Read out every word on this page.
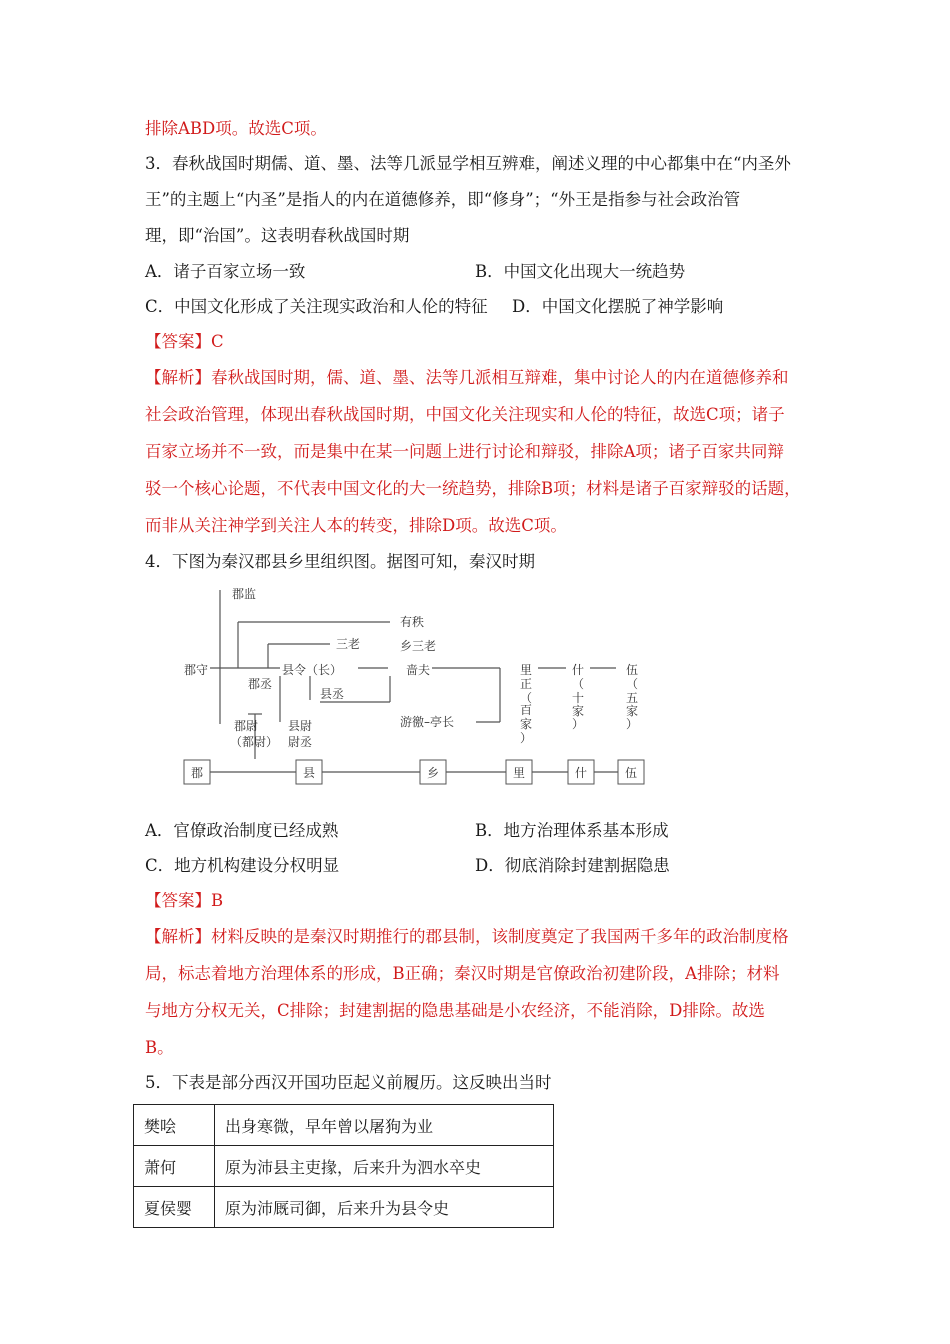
排除ABD项。故选C项。
3．春秋战国时期儒、道、墨、法等几派显学相互辨难，阐述义理的中心都集中在“内圣外
王”的主题上“内圣”是指人的内在道德修养，即“修身”；“外王是指参与社会政治管
理，即“治国”。这表明春秋战国时期
A．诸子百家立场一致	B．中国文化出现大一统趋势
C．中国文化形成了关注现实政治和人伦的特征 D．中国文化摆脱了神学影响
【答案】C
【解析】春秋战国时期，儒、道、墨、法等几派相互辩难，集中讨论人的内在道德修养和
社会政治管理，体现出春秋战国时期，中国文化关注现实和人伦的特征，故选C项；诸子
百家立场并不一致，而是集中在某一问题上进行讨论和辩驳，排除A项；诸子百家共同辩
驳一个核心论题，不代表中国文化的大一统趋势，排除B项；材料是诸子百家辩驳的话题，
而非从关注神学到关注人本的转变，排除D项。故选C项。
4．下图为秦汉郡县乡里组织图。据图可知，秦汉时期
郡监
郡守
郡丞
郡尉
（都尉）
县令（长）
县丞
县尉
尉丞
有秩
三老	乡三老
啬夫
游徼–亭长
里
正
（
百
家
）
什
（
十
家
）
伍
（
五
家
）
郡	县	乡	里	什	伍
A．官僚政治制度已经成熟	B．地方治理体系基本形成
C．地方机构建设分权明显	D．彻底消除封建割据隐患
【答案】B
【解析】材料反映的是秦汉时期推行的郡县制，该制度奠定了我国两千多年的政治制度格
局，标志着地方治理体系的形成，B正确；秦汉时期是官僚政治初建阶段，A排除；材料
与地方分权无关，C排除；封建割据的隐患基础是小农经济，不能消除，D排除。故选
B。
5．下表是部分西汉开国功臣起义前履历。这反映出当时
樊哙	出身寒微，早年曾以屠狗为业
萧何	原为沛县主吏掾，后来升为泗水卒史
夏侯婴	原为沛厩司御，后来升为县令史
